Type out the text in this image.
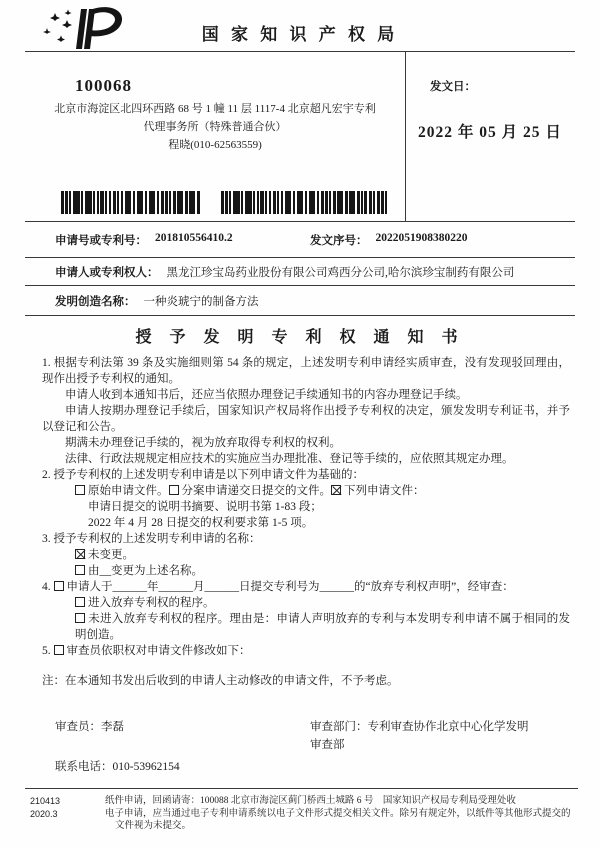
国 家 知 识 产 权 局
100068
北京市海淀区北四环西路 68 号 1 幢 11 层 1117-4 北京超凡宏宇专利
代理事务所（特殊普通合伙）
程晓(010-62563559)
发文日：
2022 年 05 月 25 日
申请号或专利号： 201810556410.2	发文序号： 2022051908380220
申请人或专利权人： 黑龙江珍宝岛药业股份有限公司鸡西分公司,哈尔滨珍宝制药有限公司
发明创造名称： 一种炎琥宁的制备方法
授 予 发 明 专 利 权 通 知 书

1. 根据专利法第 39 条及实施细则第 54 条的规定，上述发明专利申请经实质审查，没有发现驳回理由，现作出授予专利权的通知。

申请人收到本通知书后，还应当依照办理登记手续通知书的内容办理登记手续。

申请人按期办理登记手续后，国家知识产权局将作出授予专利权的决定，颁发发明专利证书，并予以登记和公告。

期满未办理登记手续的，视为放弃取得专利权的权利。

法律、行政法规规定相应技术的实施应当办理批准、登记等手续的，应依照其规定办理。

2. 授予专利权的上述发明专利申请是以下列申请文件为基础的：

原始申请文件。 分案申请递交日提交的文件。 下列申请文件：

申请日提交的说明书摘要、说明书第 1-83 段；

2022 年 4 月 28 日提交的权利要求第 1-5 项。

3. 授予专利权的上述发明专利申请的名称：

未变更。

由__变更为上述名称。

4. 申请人于______年______月______日提交专利号为______的“放弃专利权声明”，经审查：

进入放弃专利权的程序。

未进入放弃专利权的程序。理由是：申请人声明放弃的专利与本发明专利申请不属于相同的发明创造。

5. 审查员依职权对申请文件修改如下：

注：在本通知书发出后收到的申请人主动修改的申请文件，不予考虑。

审查员：李磊	审查部门：专利审查协作北京中心化学发明
审查部
联系电话：010-53962154
210413
2020.3
纸件申请，回函请寄：100088 北京市海淀区蓟门桥西土城路 6 号　国家知识产权局专利局受理处收
电子申请，应当通过电子专利申请系统以电子文件形式提交相关文件。除另有规定外，以纸件等其他形式提交的
文件视为未提交。
